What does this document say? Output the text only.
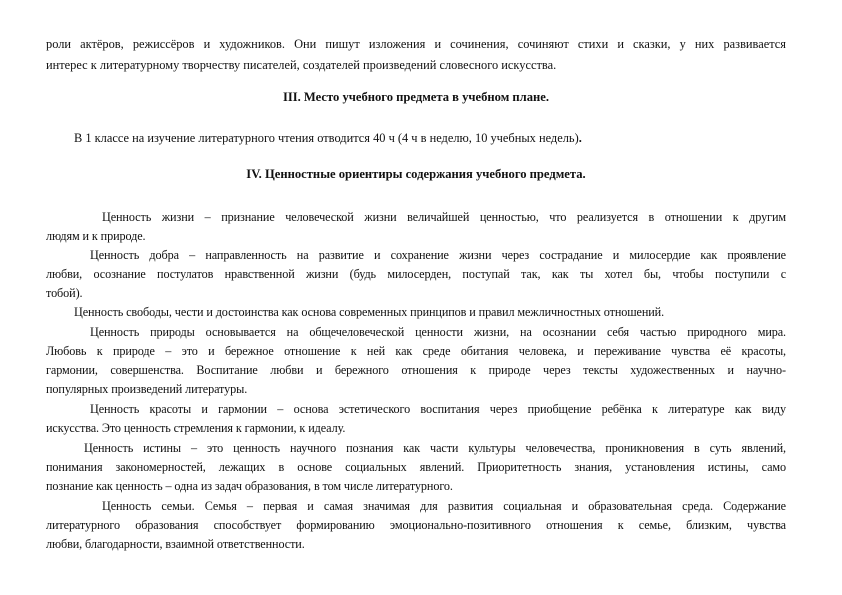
роли актёров, режиссёров и художников. Они пишут изложения и сочинения, сочиняют стихи и сказки, у них развивается
интерес к литературному творчеству писателей, создателей произведений словесного искусства.
III. Место учебного предмета в учебном плане.
В 1 классе на изучение литературного чтения отводится 40 ч (4 ч в неделю, 10 учебных недель).
IV. Ценностные ориентиры содержания учебного предмета.
Ценность жизни – признание человеческой жизни величайшей ценностью, что реализуется в отношении к другим
людям и к природе.
Ценность добра – направленность на развитие и сохранение жизни через сострадание и милосердие как проявление
любви, осознание постулатов нравственной жизни (будь милосерден, поступай так, как ты хотел бы, чтобы поступили с
тобой).
Ценность свободы, чести и достоинства как основа современных принципов и правил межличностных отношений.
Ценность природы основывается на общечеловеческой ценности жизни, на осознании себя частью природного мира.
Любовь к природе – это и бережное отношение к ней как среде обитания человека, и переживание чувства её красоты,
гармонии, совершенства. Воспитание любви и бережного отношения к природе через тексты художественных и научно-
популярных произведений литературы.
Ценность красоты и гармонии – основа эстетического воспитания через приобщение ребёнка к литературе как виду
искусства. Это ценность стремления к гармонии, к идеалу.
Ценность истины – это ценность научного познания как части культуры человечества, проникновения в суть явлений,
понимания закономерностей, лежащих в основе социальных явлений. Приоритетность знания, установления истины, само
познание как ценность – одна из задач образования, в том числе литературного.
Ценность семьи. Семья – первая и самая значимая для развития социальная и образовательная среда. Содержание
литературного образования способствует формированию эмоционально-позитивного отношения к семье, близким, чувства
любви, благодарности, взаимной ответственности.
